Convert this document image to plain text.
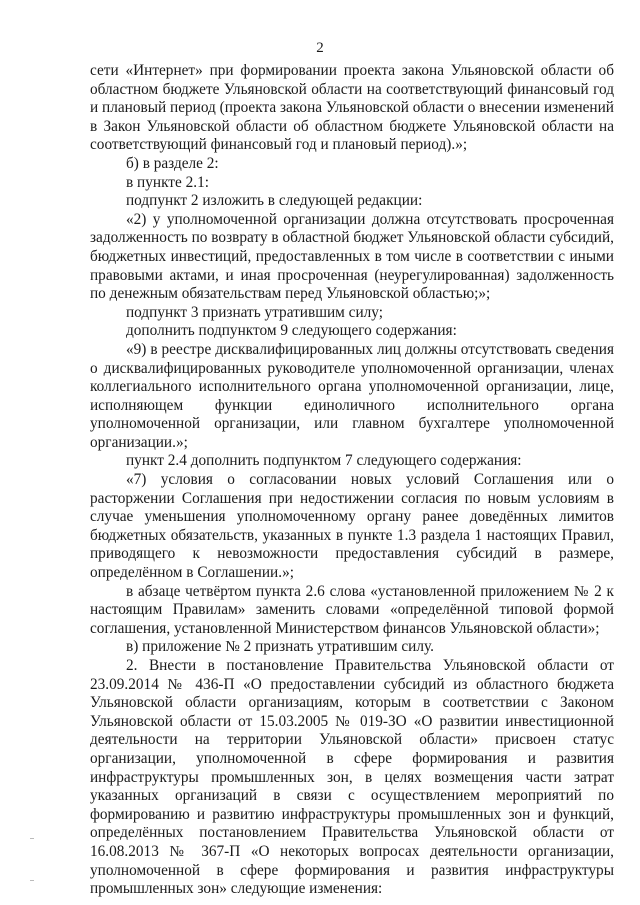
2

сети «Интернет» при формировании проекта закона Ульяновской области об областном бюджете Ульяновской области на соответствующий финансовый год и плановый период (проекта закона Ульяновской области о внесении изменений в Закон Ульяновской области об областном бюджете Ульяновской области на соответствующий финансовый год и плановый период).»;

б) в разделе 2:

в пункте 2.1:

подпункт 2 изложить в следующей редакции:

«2) у уполномоченной организации должна отсутствовать просроченная задолженность по возврату в областной бюджет Ульяновской области субсидий, бюджетных инвестиций, предоставленных в том числе в соответствии с иными правовыми актами, и иная просроченная (неурегулированная) задолженность по денежным обязательствам перед Ульяновской областью;»;

подпункт 3 признать утратившим силу;

дополнить подпунктом 9 следующего содержания:

«9) в реестре дисквалифицированных лиц должны отсутствовать сведения о дисквалифицированных руководителе уполномоченной организации, членах коллегиального исполнительного органа уполномоченной организации, лице, исполняющем функции единоличного исполнительного органа уполномоченной организации, или главном бухгалтере уполномоченной организации.»;

пункт 2.4 дополнить подпунктом 7 следующего содержания:

«7) условия о согласовании новых условий Соглашения или о расторжении Соглашения при недостижении согласия по новым условиям в случае уменьшения уполномоченному органу ранее доведённых лимитов бюджетных обязательств, указанных в пункте 1.3 раздела 1 настоящих Правил, приводящего к невозможности предоставления субсидий в размере, определённом в Соглашении.»;

в абзаце четвёртом пункта 2.6 слова «установленной приложением № 2 к настоящим Правилам» заменить словами «определённой типовой формой соглашения, установленной Министерством финансов Ульяновской области»;

в) приложение № 2 признать утратившим силу.

2. Внести в постановление Правительства Ульяновской области от 23.09.2014 № 436-П «О предоставлении субсидий из областного бюджета Ульяновской области организациям, которым в соответствии с Законом Ульяновской области от 15.03.2005 № 019-ЗО «О развитии инвестиционной деятельности на территории Ульяновской области» присвоен статус организации, уполномоченной в сфере формирования и развития инфраструктуры промышленных зон, в целях возмещения части затрат указанных организаций в связи с осуществлением мероприятий по формированию и развитию инфраструктуры промышленных зон и функций, определённых постановлением Правительства Ульяновской области от 16.08.2013 № 367-П «О некоторых вопросах деятельности организации, уполномоченной в сфере формирования и развития инфраструктуры промышленных зон» следующие изменения:
